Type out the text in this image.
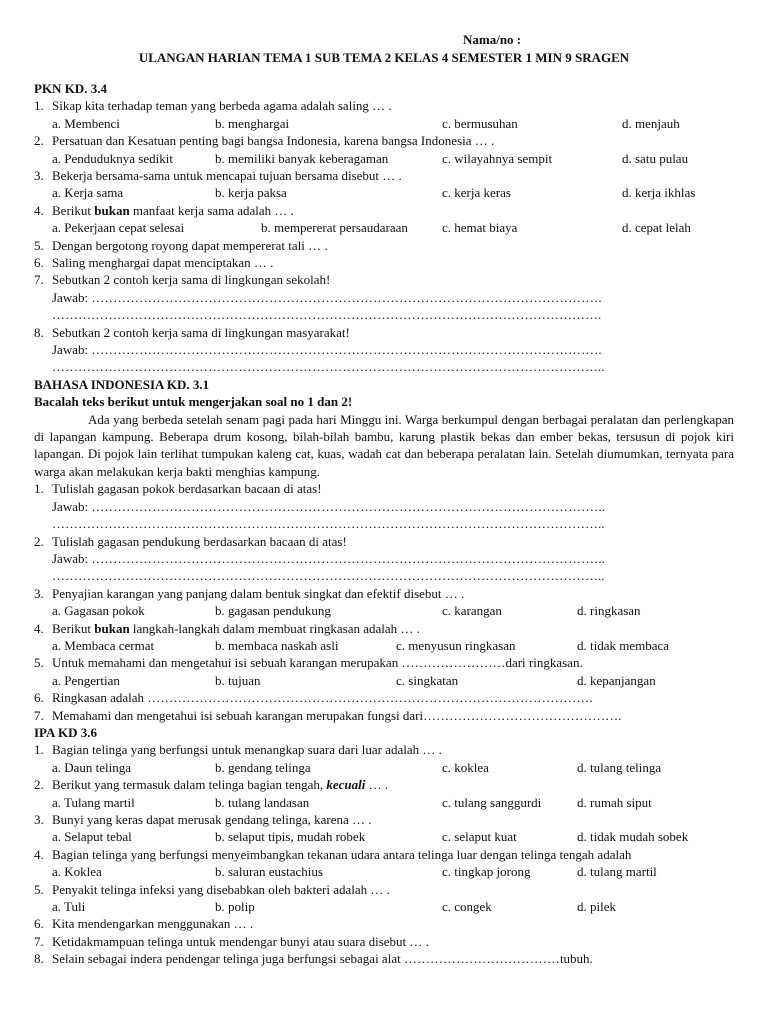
Nama/no :
ULANGAN HARIAN TEMA 1 SUB TEMA 2 KELAS 4 SEMESTER 1 MIN 9 SRAGEN
PKN KD. 3.4
1. Sikap kita terhadap teman yang berbeda agama adalah saling … .
a. Membenci	b. menghargai	c. bermusuhan	d. menjauh
2. Persatuan dan Kesatuan penting bagi bangsa Indonesia, karena bangsa Indonesia … .
a. Penduduknya sedikit	b. memiliki banyak keberagaman	c. wilayahnya sempit	d. satu pulau
3. Bekerja bersama-sama untuk mencapai tujuan bersama disebut … .
a. Kerja sama	b. kerja paksa	c. kerja keras	d. kerja ikhlas
4. Berikut bukan manfaat kerja sama adalah … .
a. Pekerjaan cepat selesai	b. mempererat persaudaraan	c. hemat biaya	d. cepat lelah
5. Dengan bergotong royong dapat mempererat tali … .
6. Saling menghargai dapat menciptakan … .
7. Sebutkan 2 contoh kerja sama di lingkungan sekolah!
Jawab: ……………………………………………………………………………………………………….
……………………………………………………………………………………………………………….
8. Sebutkan 2 contoh kerja sama di lingkungan masyarakat!
Jawab: ……………………………………………………………………………………………………….
………………………………………………………………………………………………………………..
BAHASA INDONESIA KD. 3.1
Bacalah teks berikut untuk mengerjakan soal no 1 dan 2!
Ada yang berbeda setelah senam pagi pada hari Minggu ini. Warga berkumpul dengan berbagai peralatan dan perlengkapan di lapangan kampung. Beberapa drum kosong, bilah-bilah bambu, karung plastik bekas dan ember bekas, tersusun di pojok kiri lapangan. Di pojok lain terlihat tumpukan kaleng cat, kuas, wadah cat dan beberapa peralatan lain. Setelah diumumkan, ternyata para warga akan melakukan kerja bakti menghias kampung.
1. Tulislah gagasan pokok berdasarkan bacaan di atas!
Jawab: ………………………………………………………………………………………………………..
………………………………………………………………………………………………………………..
2. Tulislah gagasan pendukung berdasarkan bacaan di atas!
Jawab: ………………………………………………………………………………………………………..
………………………………………………………………………………………………………………..
3. Penyajian karangan yang panjang dalam bentuk singkat dan efektif disebut … .
a. Gagasan pokok	b. gagasan pendukung	c. karangan	d. ringkasan
4. Berikut bukan langkah-langkah dalam membuat ringkasan adalah … .
a. Membaca cermat	b. membaca naskah asli	c. menyusun ringkasan	d. tidak membaca
5. Untuk memahami dan mengetahui isi sebuah karangan merupakan ……………………dari ringkasan.
a. Pengertian	b. tujuan	c. singkatan	d. kepanjangan
6. Ringkasan adalah ………………………………………………………………………………………….
7. Memahami dan mengetahui isi sebuah karangan merupakan fungsi dari……………………………………….
IPA KD 3.6
1. Bagian telinga yang berfungsi untuk menangkap suara dari luar adalah … .
a. Daun telinga	b. gendang telinga	c. koklea	d. tulang telinga
2. Berikut yang termasuk dalam telinga bagian tengah, kecuali … .
a. Tulang martil	b. tulang landasan	c. tulang sanggurdi	d. rumah siput
3. Bunyi yang keras dapat merusak gendang telinga, karena … .
a. Selaput tebal	b. selaput tipis, mudah robek	c. selaput kuat	d. tidak mudah sobek
4. Bagian telinga yang berfungsi menyeimbangkan tekanan udara antara telinga luar dengan telinga tengah adalah
a. Koklea	b. saluran eustachius	c. tingkap jorong	d. tulang martil
5. Penyakit telinga infeksi yang disebabkan oleh bakteri adalah … .
a. Tuli	b. polip	c. congek	d. pilek
6. Kita mendengarkan menggunakan … .
7. Ketidakmampuan telinga untuk mendengar bunyi atau suara disebut … .
8. Selain sebagai indera pendengar telinga juga berfungsi sebagai alat ………………………………tubuh.
